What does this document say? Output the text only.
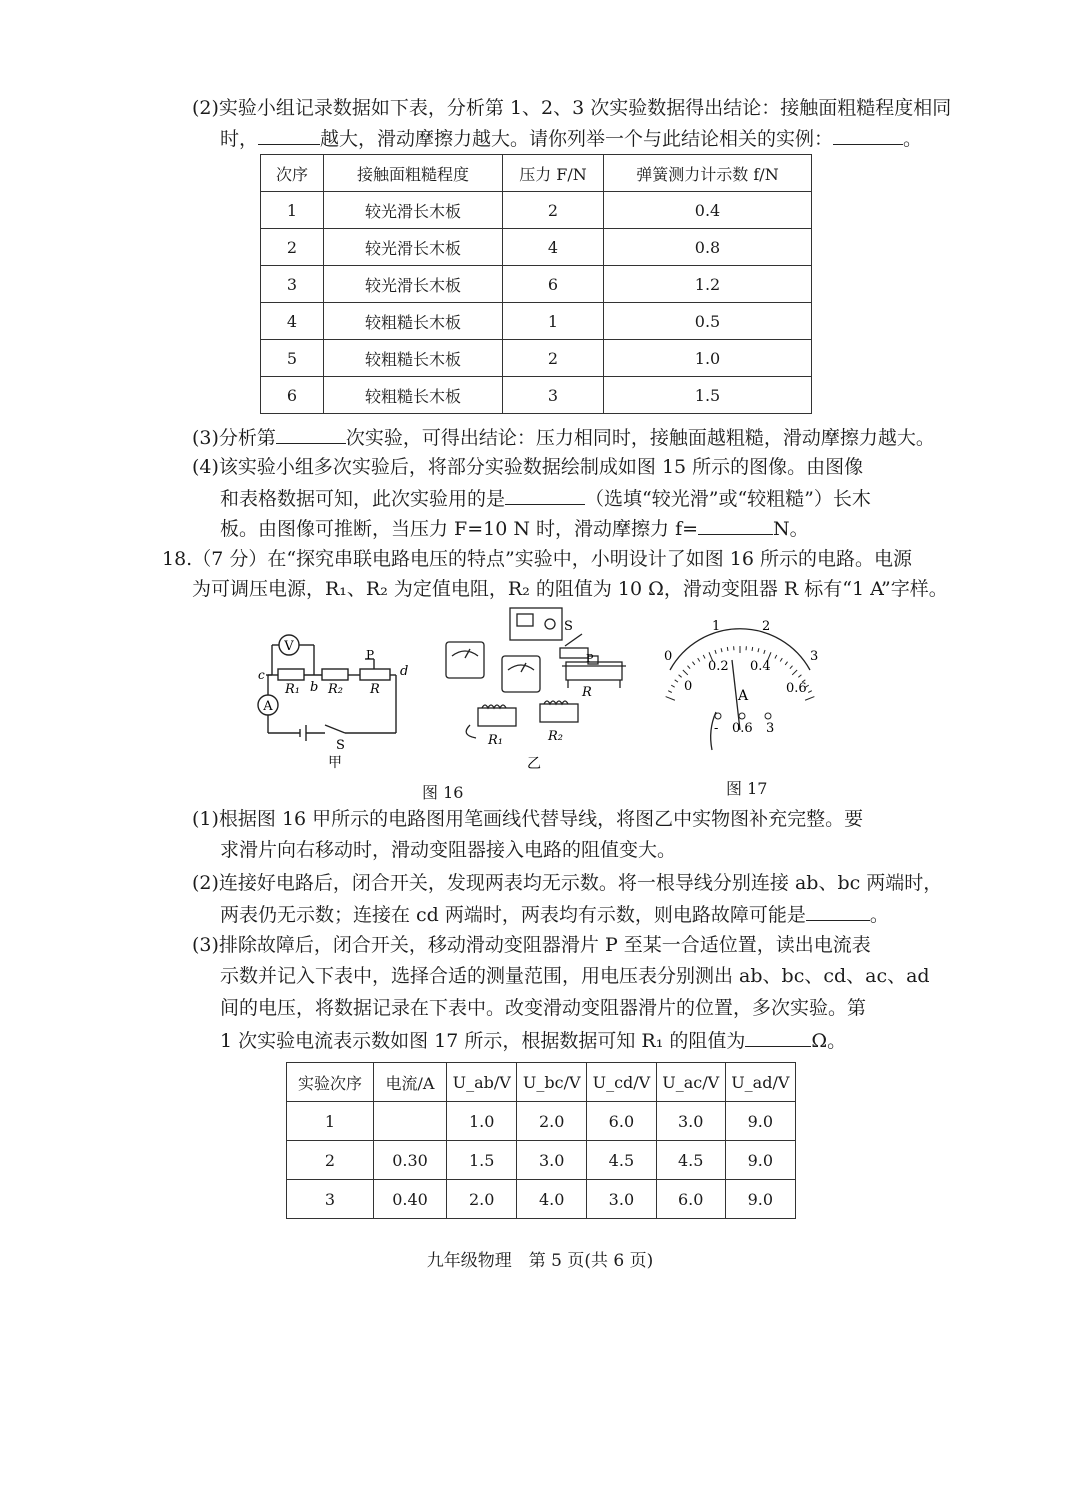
(2)实验小组记录数据如下表，分析第 1、2、3 次实验数据得出结论：接触面粗糙程度相同
时，	越大，滑动摩擦力越大。请你列举一个与此结论相关的实例：	。
次序	接触面粗糙程度	压力 F/N	弹簧测力计示数 f/N
1	较光滑长木板	2	0.4
2	较光滑长木板	4	0.8
3	较光滑长木板	6	1.2
4	较粗糙长木板	1	0.5
5	较粗糙长木板	2	1.0
6	较粗糙长木板	3	1.5
(3)分析第	次实验，可得出结论：压力相同时，接触面越粗糙，滑动摩擦力越大。
(4)该实验小组多次实验后，将部分实验数据绘制成如图 15 所示的图像。由图像
和表格数据可知，此次实验用的是	（选填“较光滑”或“较粗糙”）长木
板。由图像可推断，当压力 F=10 N 时，滑动摩擦力 f=	N。
18.（7 分）在“探究串联电路电压的特点”实验中，小明设计了如图 16 所示的电路。电源
为可调压电源，R₁、R₂ 为定值电阻，R₂ 的阻值为 10 Ω，滑动变阻器 R 标有“1 A”字样。
V
A
P
c
b
d
R₁ R₂ R
S
甲
S
P
R
R₁	R₂
乙
图 16
0
1	2
3
0
0.2 0.4
0.6
A
- 0.6 3
图 17
(1)根据图 16 甲所示的电路图用笔画线代替导线，将图乙中实物图补充完整。要
求滑片向右移动时，滑动变阻器接入电路的阻值变大。
(2)连接好电路后，闭合开关，发现两表均无示数。将一根导线分别连接 ab、bc 两端时，
两表仍无示数；连接在 cd 两端时，两表均有示数，则电路故障可能是	。
(3)排除故障后，闭合开关，移动滑动变阻器滑片 P 至某一合适位置，读出电流表
示数并记入下表中，选择合适的测量范围，用电压表分别测出 ab、bc、cd、ac、ad
间的电压，将数据记录在下表中。改变滑动变阻器滑片的位置，多次实验。第
1 次实验电流表示数如图 17 所示，根据数据可知 R₁ 的阻值为	Ω。
实验次序	电流/A	U_ab/V	U_bc/V	U_cd/V	U_ac/V	U_ad/V
1		1.0	2.0	6.0	3.0	9.0
2	0.30	1.5	3.0	4.5	4.5	9.0
3	0.40	2.0	4.0	3.0	6.0	9.0
九年级物理　第 5 页(共 6 页)
